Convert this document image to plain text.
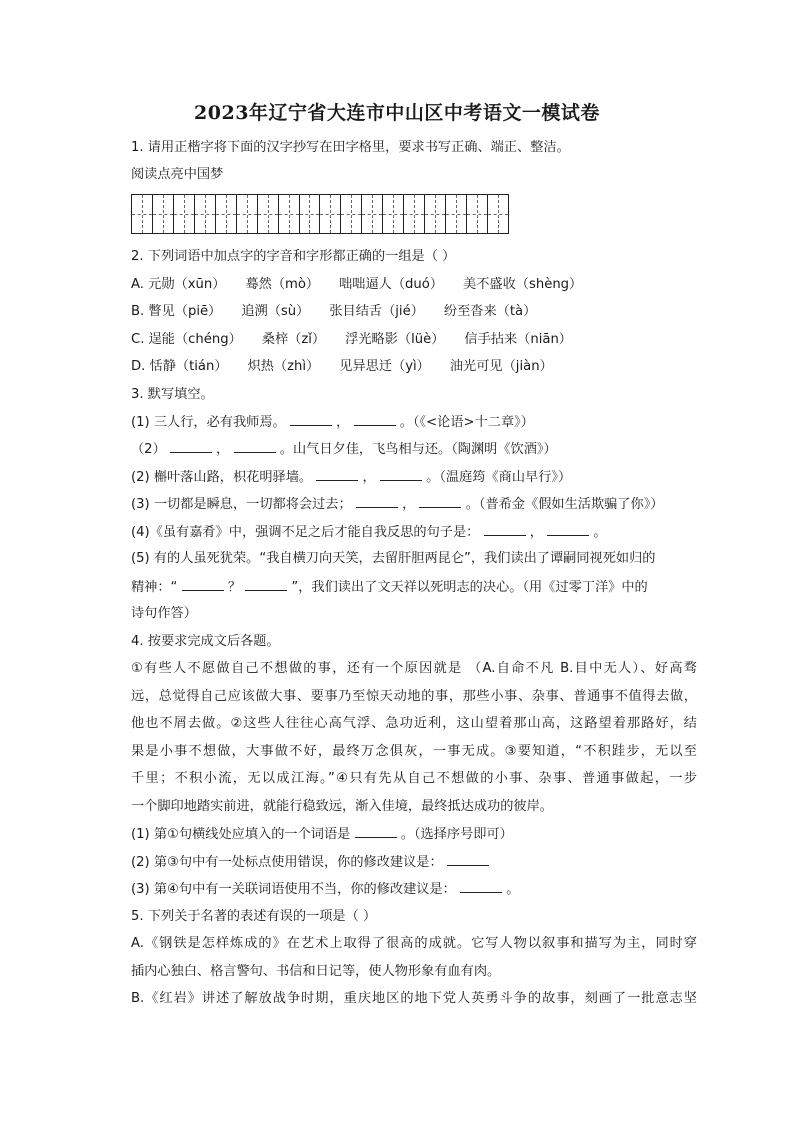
2023年辽宁省大连市中山区中考语文一模试卷
1. 请用正楷字将下面的汉字抄写在田字格里，要求书写正确、端正、整洁。
阅读点亮中国梦
2. 下列词语中加点字的字音和字形都正确的一组是（ ）
A. 元勋（xūn） 蓦然（mò） 咄咄逼人（duó） 美不盛收（shèng）
B. 瞥见（piē） 追溯（sù） 张目结舌（jié） 纷至沓来（tà）
C. 逞能（chéng） 桑梓（zǐ） 浮光略影（lüè） 信手拈来（niān）
D. 恬静（tián） 炽热（zhì） 见异思迁（yì） 油光可见（jiàn）
3. 默写填空。
(1) 三人行，必有我师焉。	，	。（《<论语>十二章》）
（2）	，	。山气日夕佳，飞鸟相与还。（陶渊明《饮酒》）
(2) 槲叶落山路，枳花明驿墙。	，	。（温庭筠《商山早行》）
(3) 一切都是瞬息，一切都将会过去；	，	。（普希金《假如生活欺骗了你》）
(4)《虽有嘉肴》中，强调不足之后才能自我反思的句子是：	，	。
(5) 有的人虽死犹荣。“我自横刀向天笑，去留肝胆两昆仑”，我们读出了谭嗣同视死如归的
精神：“	？	”，我们读出了文天祥以死明志的决心。（用《过零丁洋》中的
诗句作答）
4. 按要求完成文后各题。
①有些人不愿做自己不想做的事，还有一个原因就是 （A.自命不凡 B.目中无人）、好高骛
远，总觉得自己应该做大事、要事乃至惊天动地的事，那些小事、杂事、普通事不值得去做，
他也不屑去做。②这些人往往心高气浮、急功近利，这山望着那山高，这路望着那路好，结
果是小事不想做，大事做不好，最终万念俱灰，一事无成。③要知道，“不积跬步，无以至
千里；不积小流，无以成江海。”④只有先从自己不想做的小事、杂事、普通事做起，一步
一个脚印地踏实前进，就能行稳致远，渐入佳境，最终抵达成功的彼岸。
(1) 第①句横线处应填入的一个词语是	。（选择序号即可）
(2) 第③句中有一处标点使用错误，你的修改建议是：
(3) 第④句中有一关联词语使用不当，你的修改建议是：	。
5. 下列关于名著的表述有误的一项是（ ）
A.《钢铁是怎样炼成的》在艺术上取得了很高的成就。它写人物以叙事和描写为主，同时穿
插内心独白、格言警句、书信和日记等，使人物形象有血有肉。
B.《红岩》讲述了解放战争时期，重庆地区的地下党人英勇斗争的故事，刻画了一批意志坚
